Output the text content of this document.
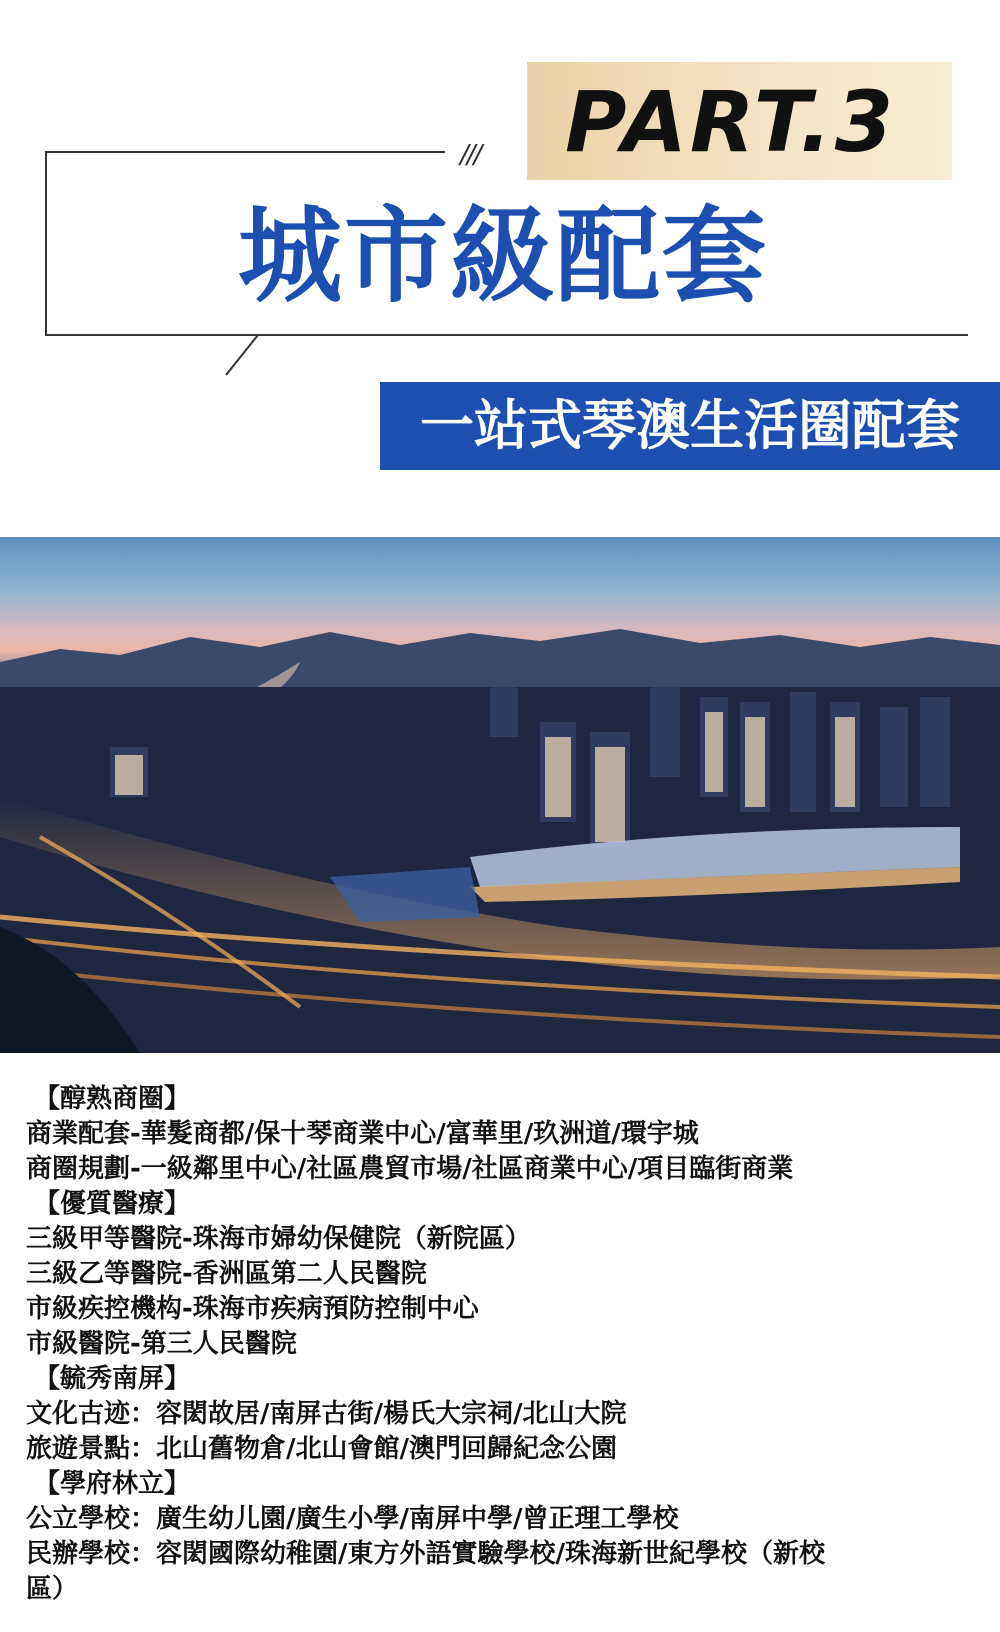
PART.3
///
城市級配套
一站式琴澳生活圈配套
【醇熟商圈】
商業配套-華髮商都/保十琴商業中心/富華里/玖洲道/環宇城
商圈規劃-一級鄰里中心/社區農貿市場/社區商業中心/項目臨街商業
【優質醫療】
三級甲等醫院-珠海市婦幼保健院（新院區）
三級乙等醫院-香洲區第二人民醫院
市級疾控機构-珠海市疾病預防控制中心
市級醫院-第三人民醫院
【毓秀南屏】
文化古迹：容閎故居/南屏古街/楊氏大宗祠/北山大院
旅遊景點：北山舊物倉/北山會館/澳門回歸紀念公園
【學府林立】
公立學校：廣生幼儿園/廣生小學/南屏中學/曾正理工學校
民辦學校：容閎國際幼稚園/東方外語實驗學校/珠海新世紀學校（新校
區）
